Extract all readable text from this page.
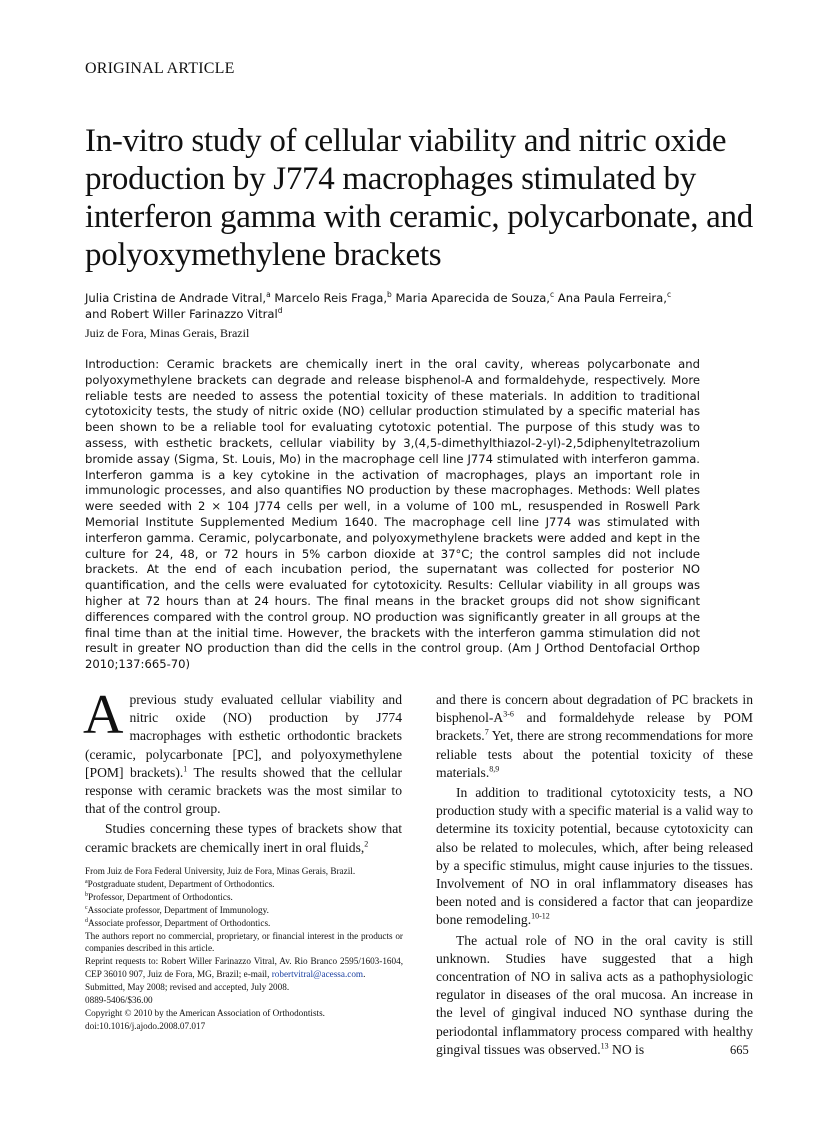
ORIGINAL ARTICLE
In-vitro study of cellular viability and nitric oxide production by J774 macrophages stimulated by interferon gamma with ceramic, polycarbonate, and polyoxymethylene brackets
Julia Cristina de Andrade Vitral,$^a$ Marcelo Reis Fraga,$^b$ Maria Aparecida de Souza,$^c$ Ana Paula Ferreira,$^c$
and Robert Willer Farinazzo Vitral$^d$
Juiz de Fora, Minas Gerais, Brazil
Introduction: Ceramic brackets are chemically inert in the oral cavity, whereas polycarbonate and polyoxymethylene brackets can degrade and release bisphenol-A and formaldehyde, respectively. More reliable tests are needed to assess the potential toxicity of these materials. In addition to traditional cytotoxicity tests, the study of nitric oxide (NO) cellular production stimulated by a specific material has been shown to be a reliable tool for evaluating cytotoxic potential. The purpose of this study was to assess, with esthetic brackets, cellular viability by 3,(4,5-dimethylthiazol-2-yl)-2,5diphenyltetrazolium bromide assay (Sigma, St. Louis, Mo) in the macrophage cell line J774 stimulated with interferon gamma. Interferon gamma is a key cytokine in the activation of macrophages, plays an important role in immunologic processes, and also quantifies NO production by these macrophages. Methods: Well plates were seeded with 2 × 104 J774 cells per well, in a volume of 100 mL, resuspended in Roswell Park Memorial Institute Supplemented Medium 1640. The macrophage cell line J774 was stimulated with interferon gamma. Ceramic, polycarbonate, and polyoxymethylene brackets were added and kept in the culture for 24, 48, or 72 hours in 5% carbon dioxide at 37°C; the control samples did not include brackets. At the end of each incubation period, the supernatant was collected for posterior NO quantification, and the cells were evaluated for cytotoxicity. Results: Cellular viability in all groups was higher at 72 hours than at 24 hours. The final means in the bracket groups did not show significant differences compared with the control group. NO production was significantly greater in all groups at the final time than at the initial time. However, the brackets with the interferon gamma stimulation did not result in greater NO production than did the cells in the control group. (Am J Orthod Dentofacial Orthop 2010;137:665-70)

A previous study evaluated cellular viability and nitric oxide (NO) production by J774 macrophages with esthetic orthodontic brackets (ceramic, polycarbonate [PC], and polyoxymethylene [POM] brackets).$^1$ The results showed that the cellular response with ceramic brackets was the most similar to that of the control group.

Studies concerning these types of brackets show that ceramic brackets are chemically inert in oral fluids,$^2$

From Juiz de Fora Federal University, Juiz de Fora, Minas Gerais, Brazil.
$^a$Postgraduate student, Department of Orthodontics.
$^b$Professor, Department of Orthodontics.
$^c$Associate professor, Department of Immunology.
$^d$Associate professor, Department of Orthodontics.
The authors report no commercial, proprietary, or financial interest in the products or companies described in this article.
Reprint requests to: Robert Willer Farinazzo Vitral, Av. Rio Branco 2595/1603-1604, CEP 36010 907, Juiz de Fora, MG, Brazil; e-mail, robertvitral@acessa.com.
Submitted, May 2008; revised and accepted, July 2008.
0889-5406/$36.00
Copyright © 2010 by the American Association of Orthodontists.
doi:10.1016/j.ajodo.2008.07.017

and there is concern about degradation of PC brackets in bisphenol-$A^{3-6}$ and formaldehyde release by POM brackets.$^7$ Yet, there are strong recommendations for more reliable tests about the potential toxicity of these materials.$^{8,9}$

In addition to traditional cytotoxicity tests, a NO production study with a specific material is a valid way to determine its toxicity potential, because cytotoxicity can also be related to molecules, which, after being released by a specific stimulus, might cause injuries to the tissues. Involvement of NO in oral inflammatory diseases has been noted and is considered a factor that can jeopardize bone remodeling.$^{10-12}$

The actual role of NO in the oral cavity is still unknown. Studies have suggested that a high concentration of NO in saliva acts as a pathophysiologic regulator in diseases of the oral mucosa. An increase in the level of gingival induced NO synthase during the periodontal inflammatory process compared with healthy gingival tissues was observed.$^{13}$ NO is	665
